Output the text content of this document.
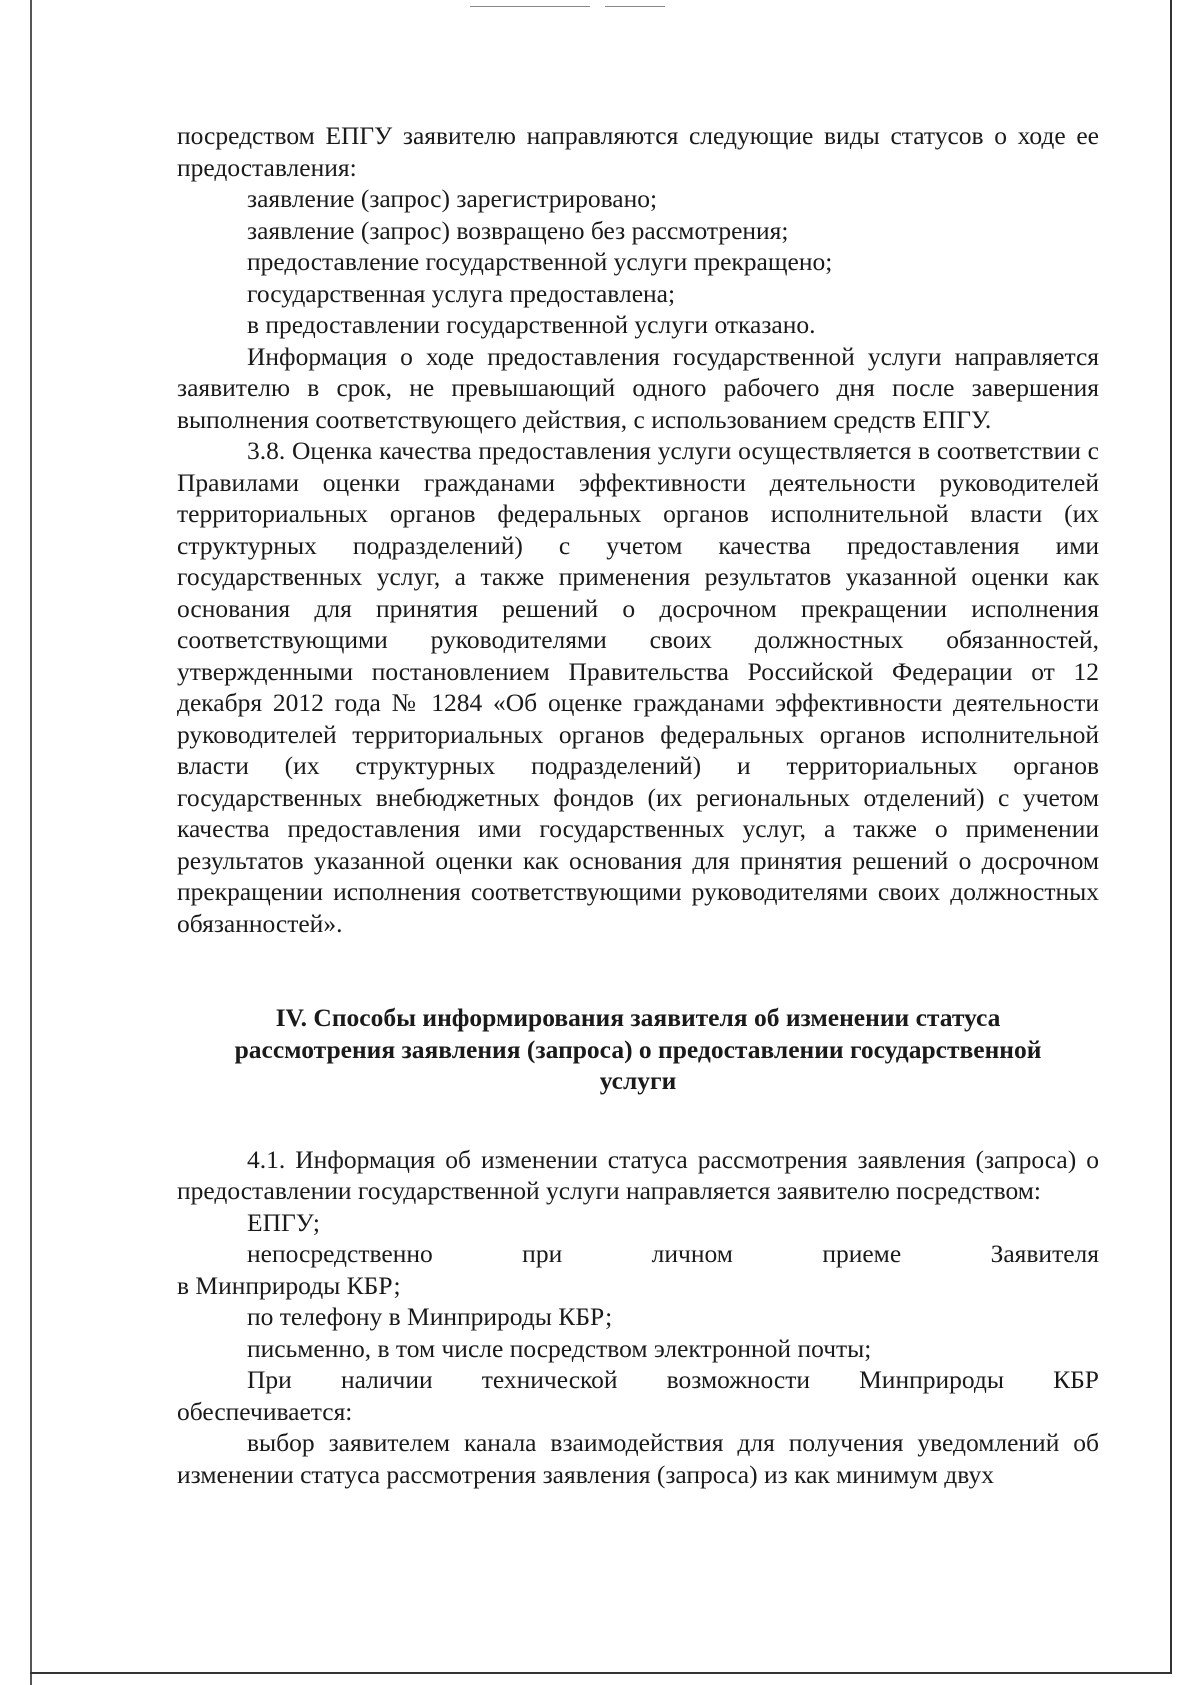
посредством ЕПГУ заявителю направляются следующие виды статусов о ходе ее предоставления:

заявление (запрос) зарегистрировано;

заявление (запрос) возвращено без рассмотрения;

предоставление государственной услуги прекращено;

государственная услуга предоставлена;

в предоставлении государственной услуги отказано.

Информация о ходе предоставления государственной услуги направляется заявителю в срок, не превышающий одного рабочего дня после завершения выполнения соответствующего действия, с использованием средств ЕПГУ.

3.8. Оценка качества предоставления услуги осуществляется в соответствии с Правилами оценки гражданами эффективности деятельности руководителей территориальных органов федеральных органов исполнительной власти (их структурных подразделений) с учетом качества предоставления ими государственных услуг, а также применения результатов указанной оценки как основания для принятия решений о досрочном прекращении исполнения соответствующими руководителями своих должностных обязанностей, утвержденными постановлением Правительства Российской Федерации от 12 декабря 2012 года № 1284 «Об оценке гражданами эффективности деятельности руководителей территориальных органов федеральных органов исполнительной власти (их структурных подразделений) и территориальных органов государственных внебюджетных фондов (их региональных отделений) с учетом качества предоставления ими государственных услуг, а также о применении результатов указанной оценки как основания для принятия решений о досрочном прекращении исполнения соответствующими руководителями своих должностных обязанностей».

IV. Способы информирования заявителя об изменении статуса

рассмотрения заявления (запроса) о предоставлении государственной

услуги

4.1. Информация об изменении статуса рассмотрения заявления (запроса) о предоставлении государственной услуги направляется заявителю посредством:

ЕПГУ;

непосредственно при личном приеме Заявителя

в Минприроды КБР;

по телефону в Минприроды КБР;

письменно, в том числе посредством электронной почты;

При наличии технической возможности Минприроды КБР

обеспечивается:

выбор заявителем канала взаимодействия для получения уведомлений об изменении статуса рассмотрения заявления (запроса) из как минимум двух
